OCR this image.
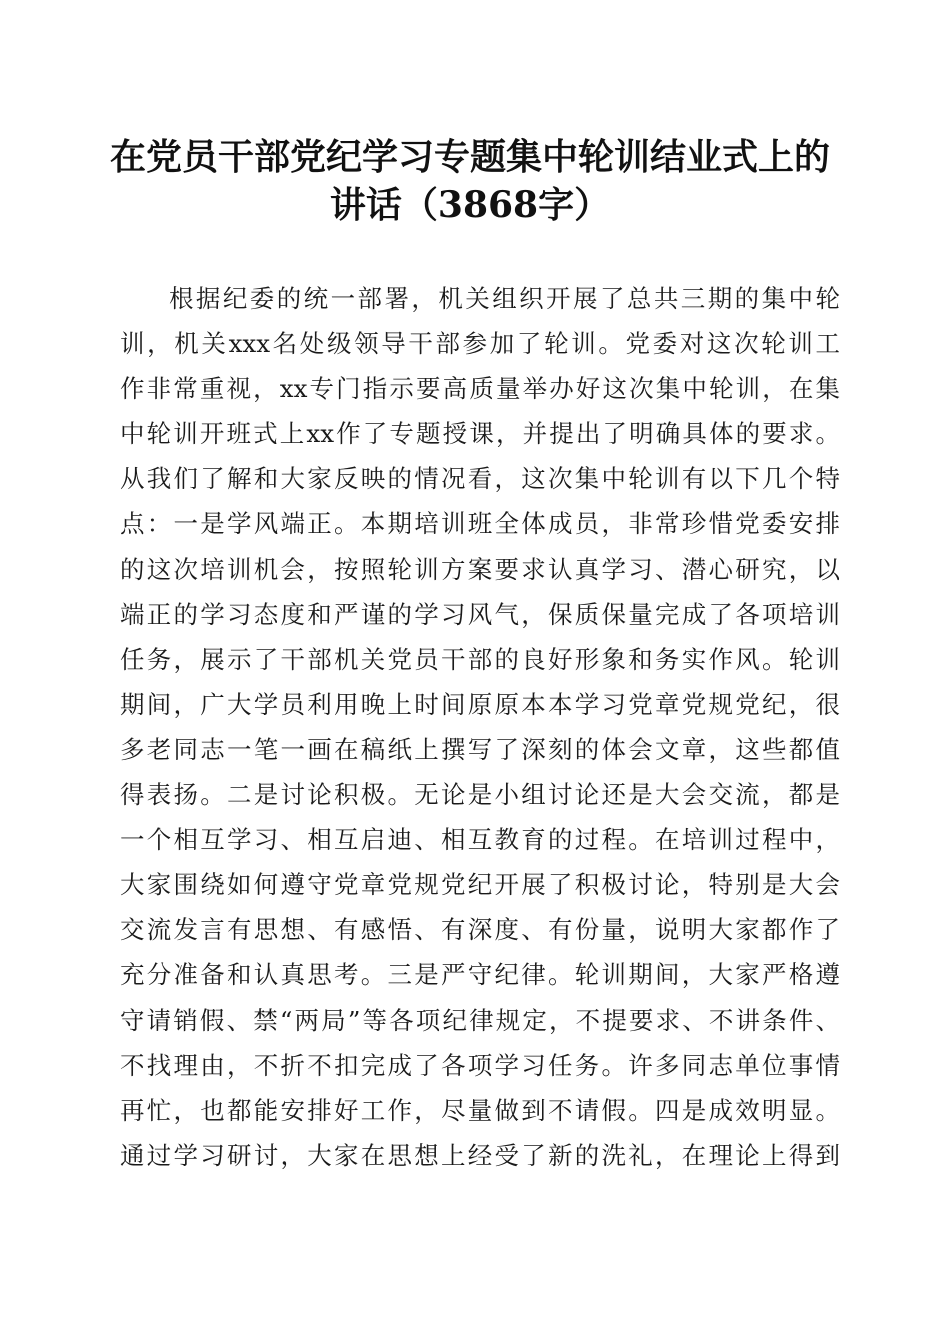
在党员干部党纪学习专题集中轮训结业式上的
讲话（3868字）
根据纪委的统一部署，机关组织开展了总共三期的集中轮
训，机关xxx名处级领导干部参加了轮训。党委对这次轮训工
作非常重视，xx专门指示要高质量举办好这次集中轮训，在集
中轮训开班式上xx作了专题授课，并提出了明确具体的要求。
从我们了解和大家反映的情况看，这次集中轮训有以下几个特
点：一是学风端正。本期培训班全体成员，非常珍惜党委安排
的这次培训机会，按照轮训方案要求认真学习、潜心研究，以
端正的学习态度和严谨的学习风气，保质保量完成了各项培训
任务，展示了干部机关党员干部的良好形象和务实作风。轮训
期间，广大学员利用晚上时间原原本本学习党章党规党纪，很
多老同志一笔一画在稿纸上撰写了深刻的体会文章，这些都值
得表扬。二是讨论积极。无论是小组讨论还是大会交流，都是
一个相互学习、相互启迪、相互教育的过程。在培训过程中，
大家围绕如何遵守党章党规党纪开展了积极讨论，特别是大会
交流发言有思想、有感悟、有深度、有份量，说明大家都作了
充分准备和认真思考。三是严守纪律。轮训期间，大家严格遵
守请销假、禁“两局”等各项纪律规定，不提要求、不讲条件、
不找理由，不折不扣完成了各项学习任务。许多同志单位事情
再忙，也都能安排好工作，尽量做到不请假。四是成效明显。
通过学习研讨，大家在思想上经受了新的洗礼，在理论上得到
